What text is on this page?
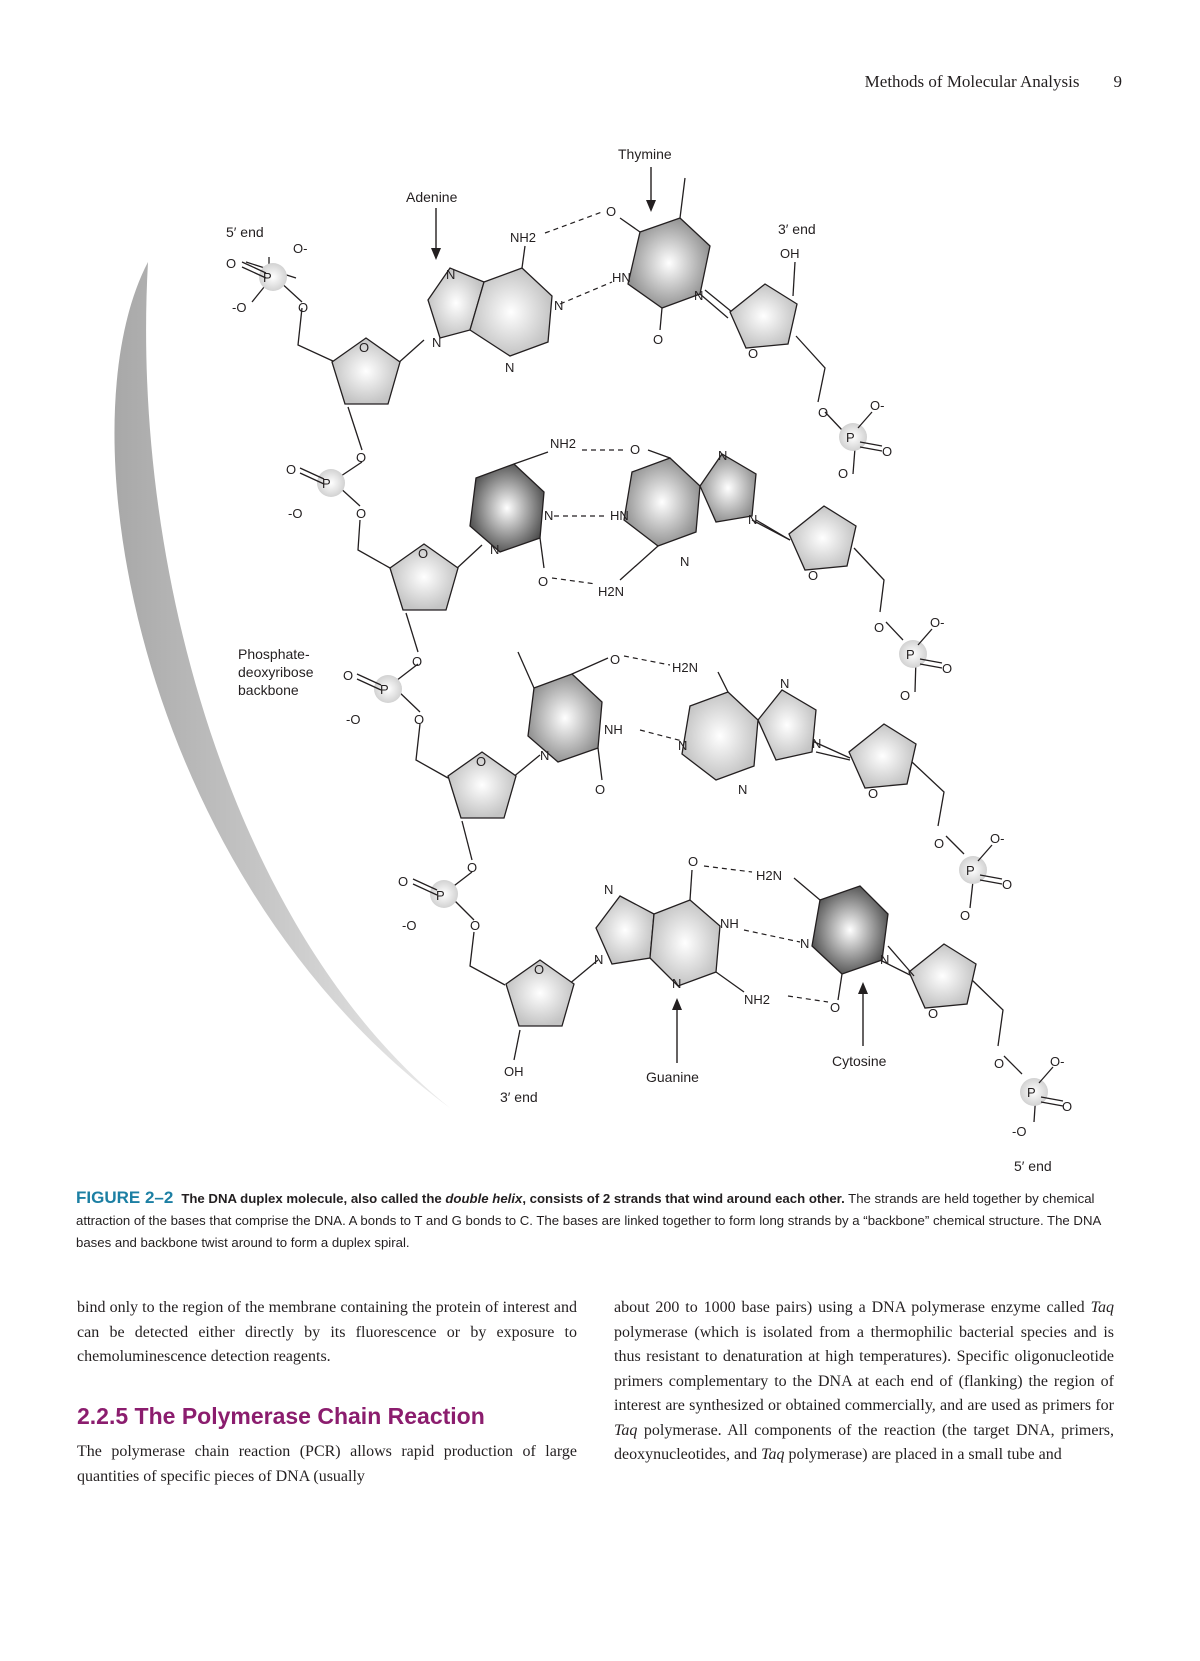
Methods of Molecular Analysis 9
Phosphate-
deoxyribose
backbone
O
P
O-
-O	O
O
O
O
P
-O	O
O
O
O
P
-O	O
O
O
O
P
-O	O
O
OH
O
O	O-
P
O
O
O
O	O-
P
O
O
O
O	O-
P
O
O
O
O	O-
P
O
-O
OH
N
N
N
N
NH2
O
HN
O
N
NH2
N
N
O
O
HN
H2N
N
N
N
O
NH
O
N
H2N
N
N
N
N
N
N
N
O
NH
NH2
H2N
N
O
N
Adenine
Thymine
Guanine
Cytosine
5′ end	3′ end
3′ end
5′ end
FIGURE 2–2 The DNA duplex molecule, also called the double helix, consists of 2 strands that wind around each other. The strands are held together by chemical attraction of the bases that comprise the DNA. A bonds to T and G bonds to C. The bases are linked together to form long strands by a “backbone” chemical structure. The DNA bases and backbone twist around to form a duplex spiral.

bind only to the region of the membrane containing the protein of interest and can be detected either directly by its fluorescence or by exposure to chemoluminescence detection reagents.

2.2.5 The Polymerase Chain Reaction

The polymerase chain reaction (PCR) allows rapid production of large quantities of specific pieces of DNA (usually

about 200 to 1000 base pairs) using a DNA polymerase enzyme called Taq polymerase (which is isolated from a thermophilic bacterial species and is thus resistant to denaturation at high temperatures). Specific oligonucleotide primers complementary to the DNA at each end of (flanking) the region of interest are synthesized or obtained commercially, and are used as primers for Taq polymerase. All components of the reaction (the target DNA, primers, deoxynucleotides, and Taq polymerase) are placed in a small tube and
